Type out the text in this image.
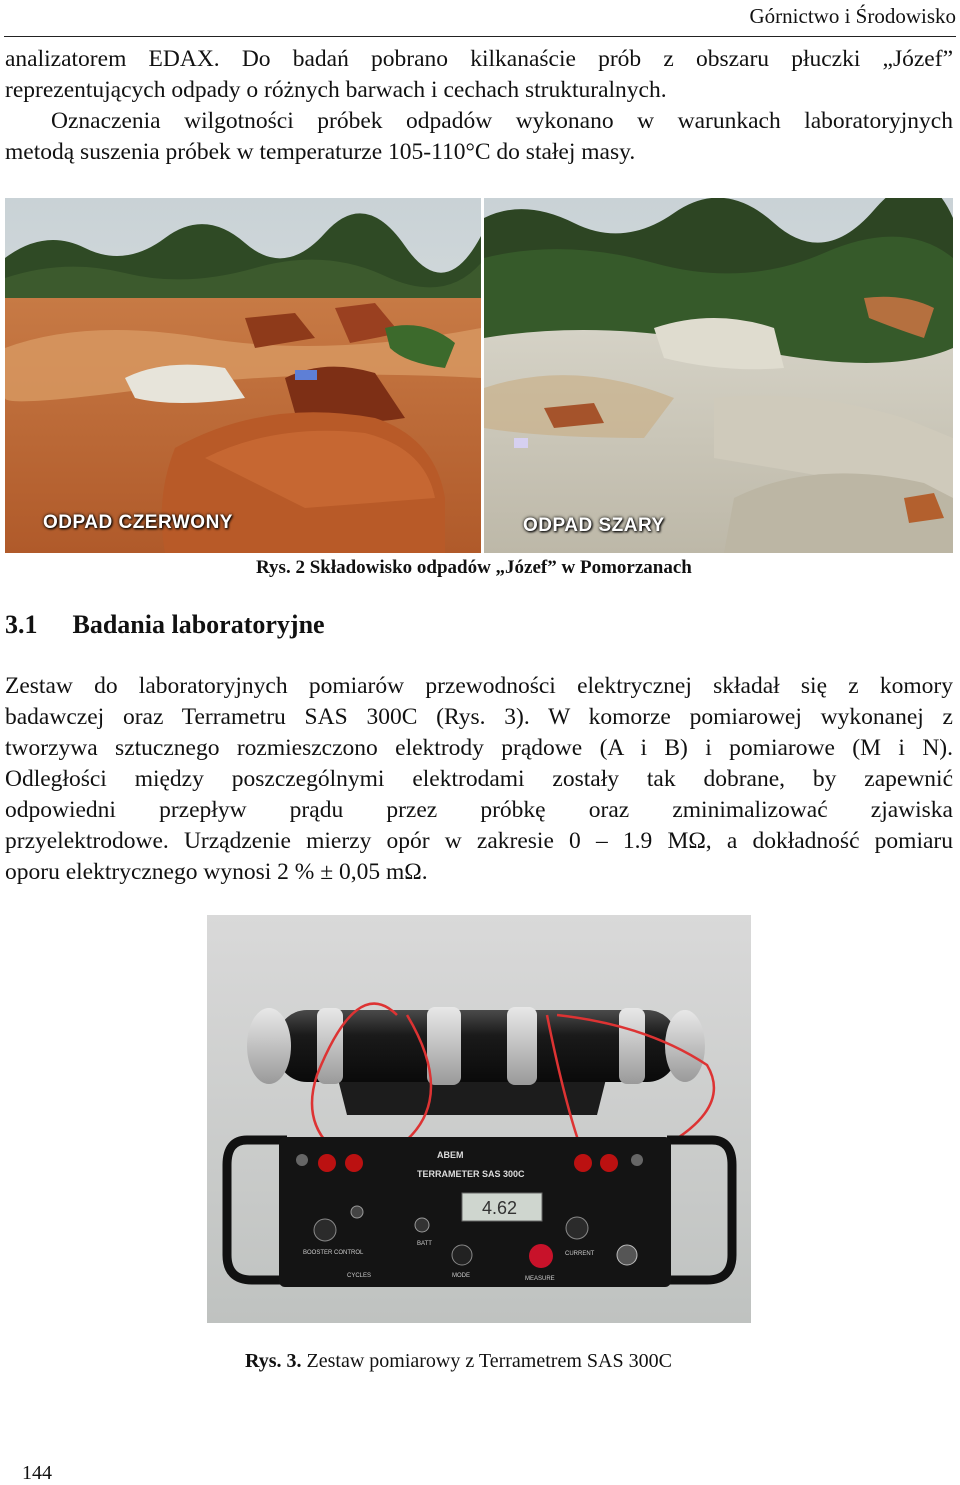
Górnictwo i Środowisko
analizatorem EDAX. Do badań pobrano kilkanaście prób z obszaru płuczki „Józef”
reprezentujących odpady o różnych barwach i cechach strukturalnych.
Oznaczenia wilgotności próbek odpadów wykonano w warunkach laboratoryjnych
metodą suszenia próbek w temperaturze 105-110°C do stałej masy.
ODPAD CZERWONY	ODPAD SZARY
Rys. 2 Składowisko odpadów „Józef” w Pomorzanach
3.1 Badania laboratoryjne
Zestaw do laboratoryjnych pomiarów przewodności elektrycznej składał się z komory
badawczej oraz Terrametru SAS 300C (Rys. 3). W komorze pomiarowej wykonanej z
tworzywa sztucznego rozmieszczono elektrody prądowe (A i B) i pomiarowe (M i N).
Odległości między poszczególnymi elektrodami zostały tak dobrane, by zapewnić
odpowiedni przepływ prądu przez próbkę oraz zminimalizować zjawiska
przyelektrodowe. Urządzenie mierzy opór w zakresie 0 – 1.9 MΩ, a dokładność pomiaru
oporu elektrycznego wynosi 2 % ± 0,05 mΩ.
ABEM
TERRAMETER SAS 300C
4.62
BOOSTER CONTROL
CYCLES
BATT
MODE	MEASURE
CURRENT
Rys. 3. Zestaw pomiarowy z Terrametrem SAS 300C
144
